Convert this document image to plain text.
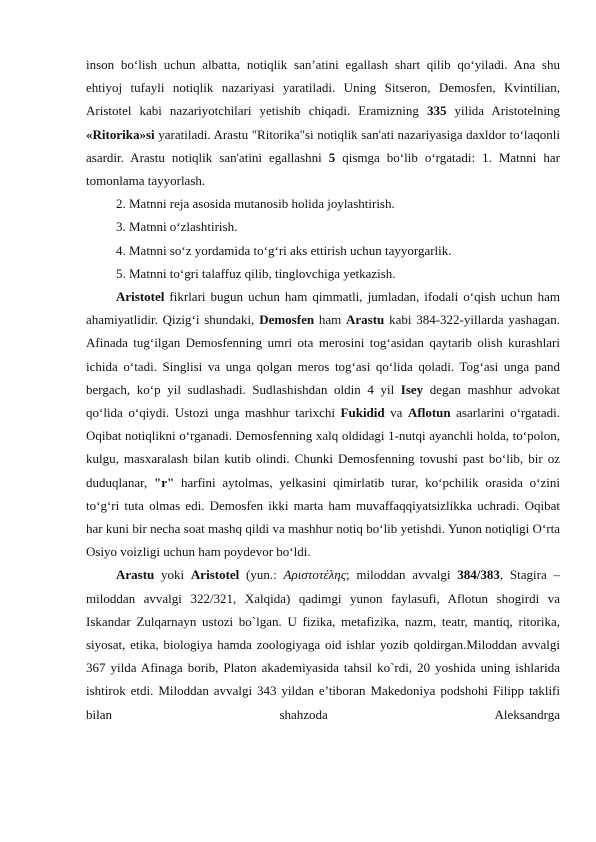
inson bo‘lish uchun albatta, notiqlik san’atini egallash shart qilib qo‘yiladi. Ana shu ehtiyoj tufayli notiqlik nazariyasi yaratiladi. Uning Sitseron, Demosfen, Kvintilian, Aristotel kabi nazariyotchilari yetishib chiqadi. Eramizning 335 yilida Aristotelning «Ritorika»si yaratiladi. Arastu "Ritorika"si notiqlik san'ati nazariyasiga daxldor to‘laqonli asardir. Arastu notiqlik san'atini egallashni 5 qismga bo‘lib o‘rgatadi: 1. Matnni har tomonlama tayyorlash.

2. Matnni reja asosida mutanosib holida joylashtirish.

3. Matnni o‘zlashtirish.

4. Matnni so‘z yordamida to‘g‘ri aks ettirish uchun tayyorgarlik.

5. Matnni to‘gri talaffuz qilib, tinglovchiga yetkazish.

Aristotel fikrlari bugun uchun ham qimmatli, jumladan, ifodali o‘qish uchun ham ahamiyatlidir. Qizig‘i shundaki, Demosfen ham Arastu kabi 384-322-yillarda yashagan. Afinada tug‘ilgan Demosfenning umri ota merosini tog‘asidan qaytarib olish kurashlari ichida o‘tadi. Singlisi va unga qolgan meros tog‘asi qo‘lida qoladi. Tog‘asi unga pand bergach, ko‘p yil sudlashadi. Sudlashishdan oldin 4 yil Isey degan mashhur advokat qo‘lida o‘qiydi. Ustozi unga mashhur tarixchi Fukidid va Aflotun asarlarini o‘rgatadi. Oqibat notiqlikni o‘rganadi. Demosfenning xalq oldidagi 1-nutqi ayanchli holda, to‘polon, kulgu, masxaralash bilan kutib olindi. Chunki Demosfenning tovushi past bo‘lib, bir oz duduqlanar, "r" harfini aytolmas, yelkasini qimirlatib turar, ko‘pchilik orasida o‘zini to‘g‘ri tuta olmas edi. Demosfen ikki marta ham muvaffaqqiyatsizlikka uchradi. Oqibat har kuni bir necha soat mashq qildi va mashhur notiq bo‘lib yetishdi. Yunon notiqligi O‘rta Osiyo voizligi uchun ham poydevor bo‘ldi.

Arastu yoki Aristotel (yun.: Αριστοτέλης; miloddan avvalgi 384/383, Stagira – miloddan avvalgi 322/321, Xalqida) qadimgi yunon faylasufi, Aflotun shogirdi va Iskandar Zulqarnayn ustozi bo`lgan. U fizika, metafizika, nazm, teatr, mantiq, ritorika, siyosat, etika, biologiya hamda zoologiyaga oid ishlar yozib qoldirgan.Miloddan avvalgi 367 yilda Afinaga borib, Platon akademiyasida tahsil ko`rdi, 20 yoshida uning ishlarida ishtirok etdi. Miloddan avvalgi 343 yildan e’tiboran Makedoniya podshohi Filipp taklifi bilan shahzoda Aleksandrga
